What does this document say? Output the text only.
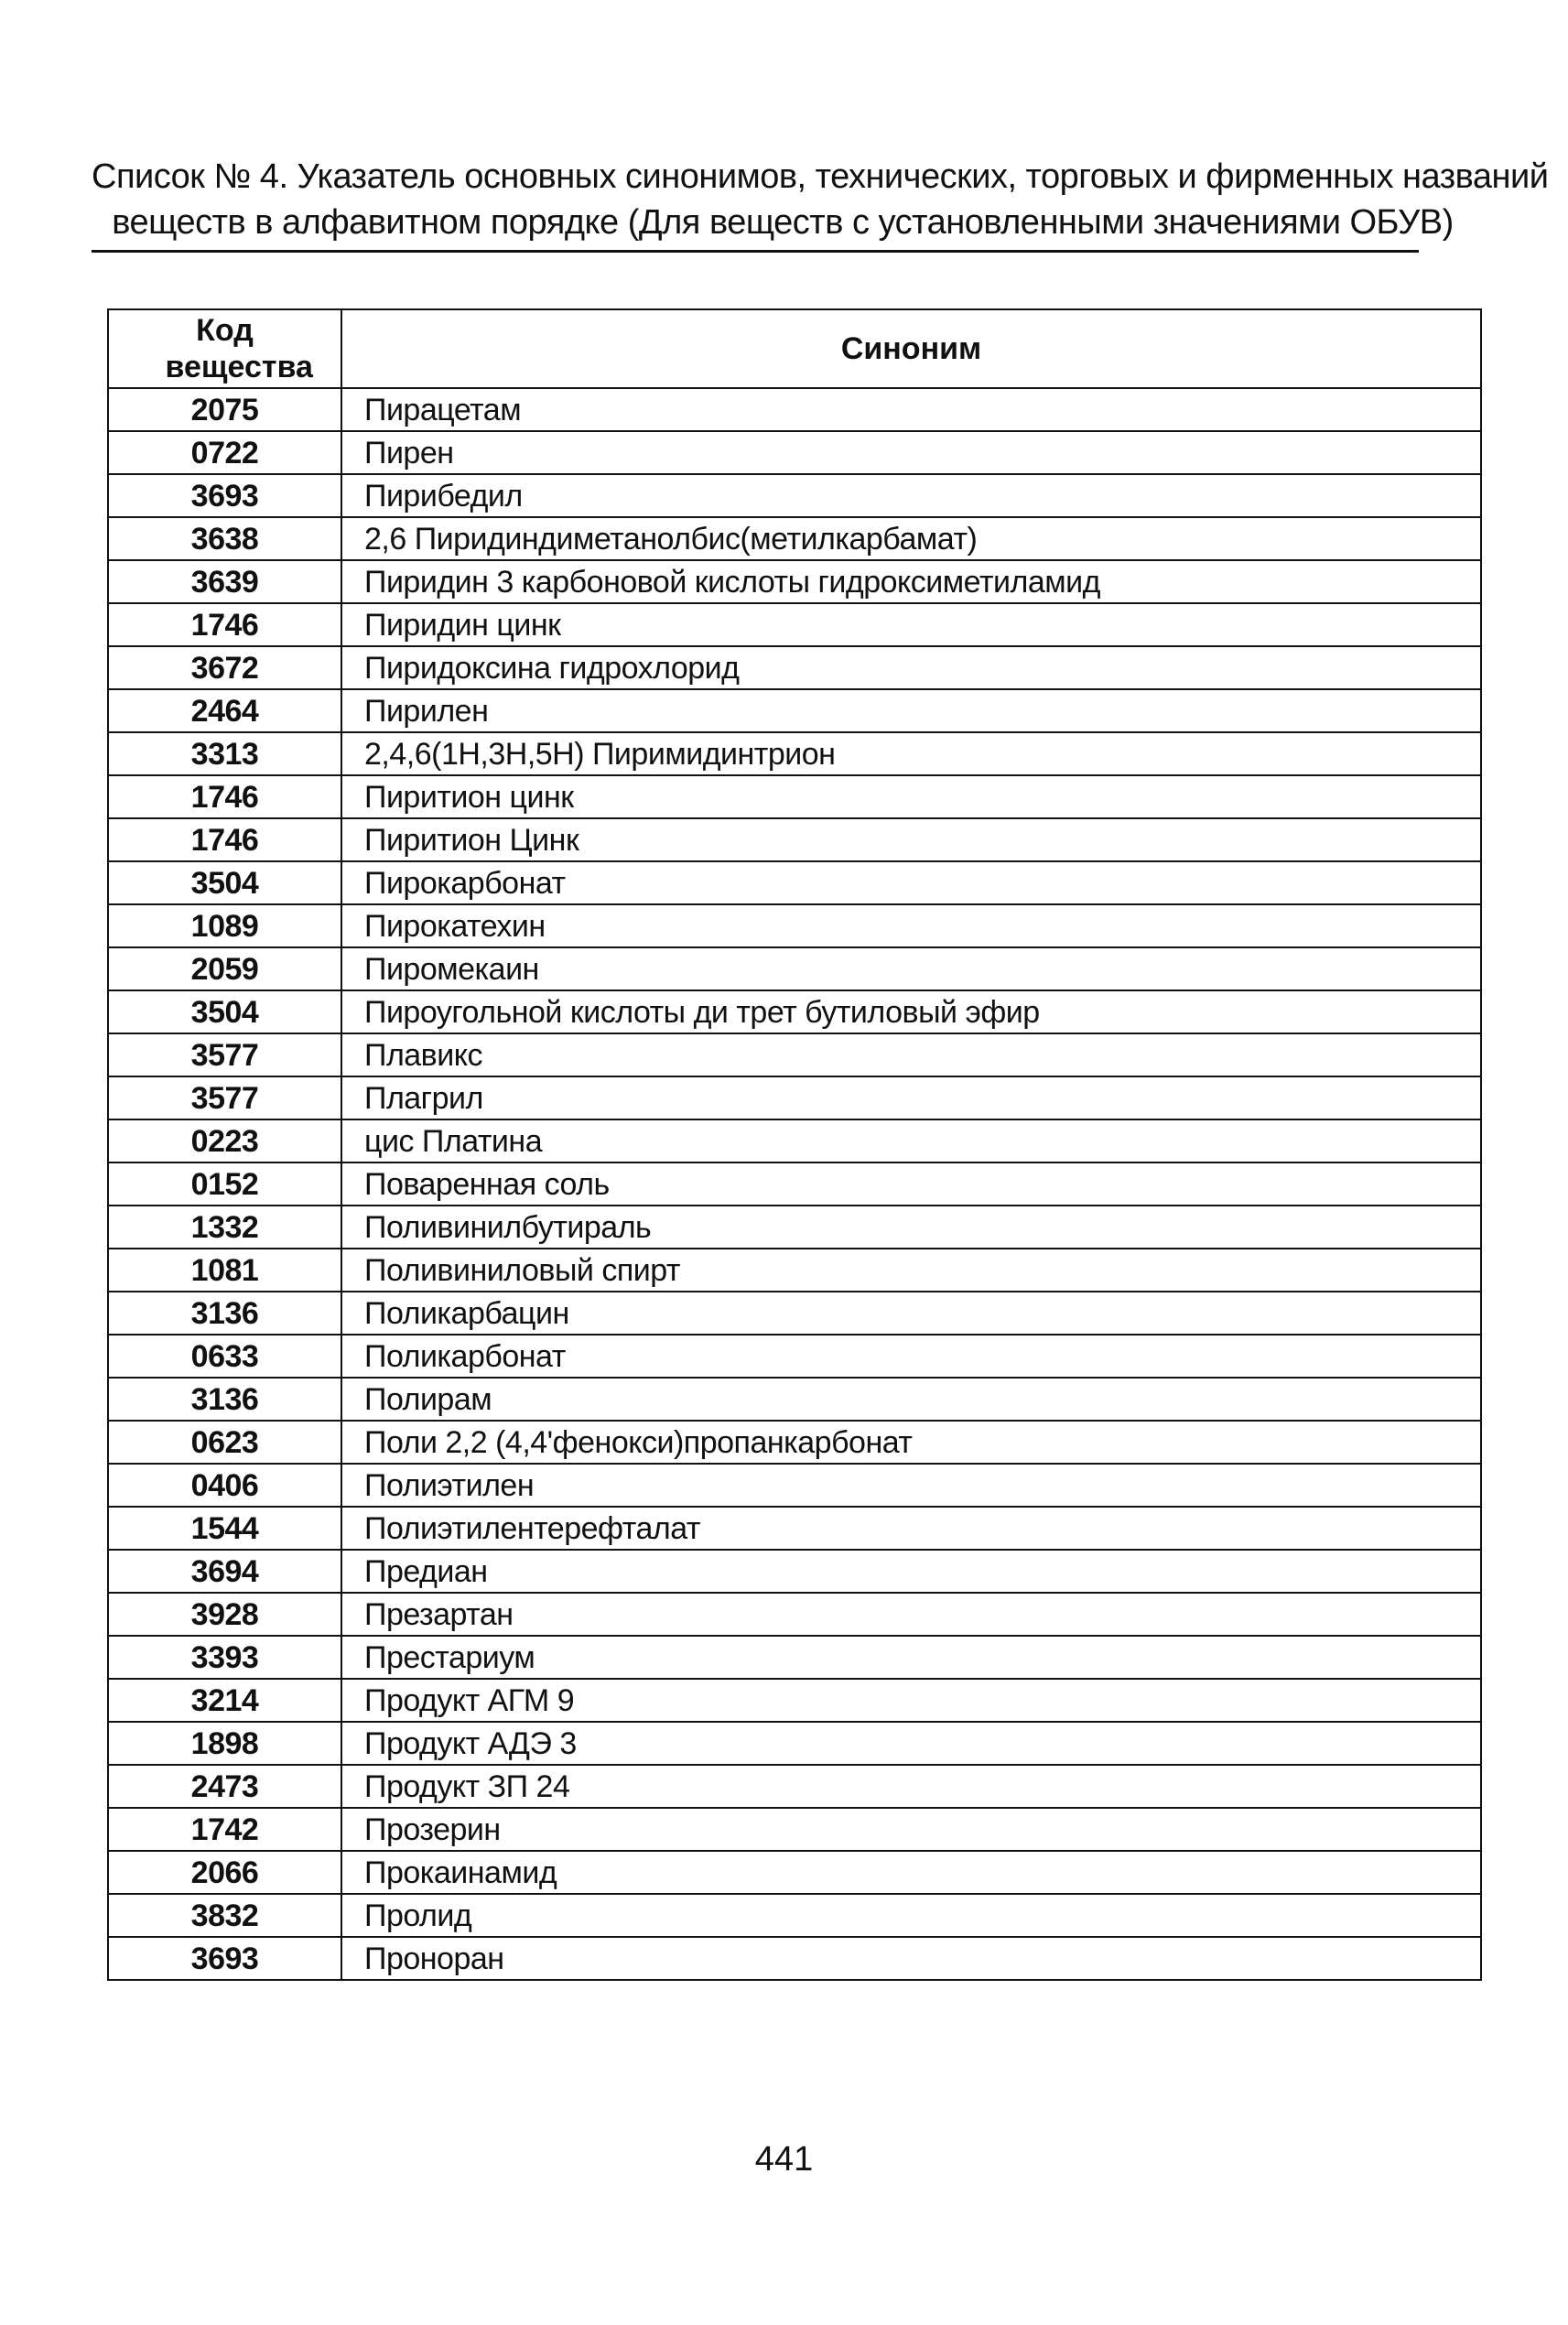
Список № 4. Указатель основных синонимов, технических, торговых и фирменных названий
веществ в алфавитном порядке (Для веществ с установленными значениями ОБУВ)
Код вещества	Синоним
2075	Пирацетам
0722	Пирен
3693	Пирибедил
3638	2,6 Пиридиндиметанолбис(метилкарбамат)
3639	Пиридин 3 карбоновой кислоты гидроксиметиламид
1746	Пиридин цинк
3672	Пиридоксина гидрохлорид
2464	Пирилен
3313	2,4,6(1Н,3Н,5Н) Пиримидинтрион
1746	Пиритион цинк
1746	Пиритион Цинк
3504	Пирокарбонат
1089	Пирокатехин
2059	Пиромекаин
3504	Пироугольной кислоты ди трет бутиловый эфир
3577	Плавикс
3577	Плагрил
0223	цис Платина
0152	Поваренная соль
1332	Поливинилбутираль
1081	Поливиниловый спирт
3136	Поликарбацин
0633	Поликарбонат
3136	Полирам
0623	Поли 2,2 (4,4'фенокси)пропанкарбонат
0406	Полиэтилен
1544	Полиэтилентерефталат
3694	Предиан
3928	Презартан
3393	Престариум
3214	Продукт АГМ 9
1898	Продукт АДЭ 3
2473	Продукт ЗП 24
1742	Прозерин
2066	Прокаинамид
3832	Пролид
3693	Проноран
441
